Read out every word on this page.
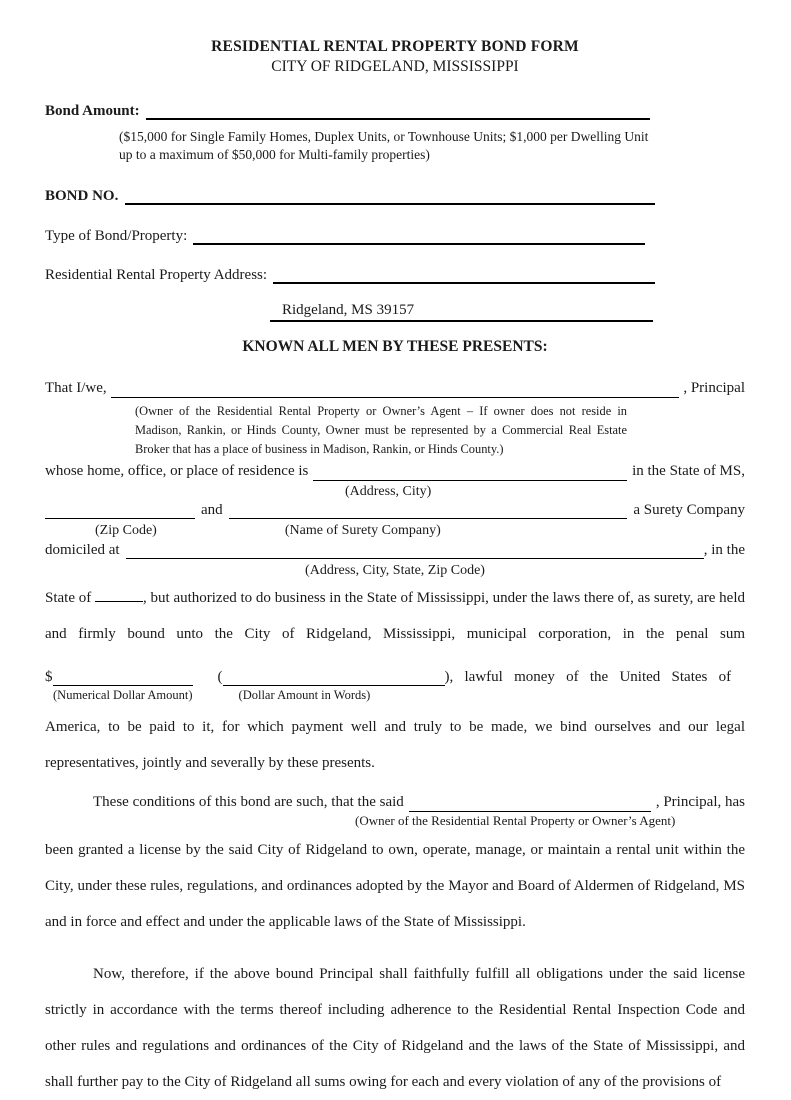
RESIDENTIAL RENTAL PROPERTY BOND FORM
CITY OF RIDGELAND, MISSISSIPPI
Bond Amount:
($15,000 for Single Family Homes, Duplex Units, or Townhouse Units; $1,000 per Dwelling Unit
up to a maximum of $50,000 for Multi-family properties)
BOND NO.
Type of Bond/Property:
Residential Rental Property Address:
Ridgeland, MS 39157
KNOWN ALL MEN BY THESE PRESENTS:
That I/we,	, Principal
(Owner of the Residential Rental Property or Owner’s Agent – If owner does not reside in Madison, Rankin, or Hinds County, Owner must be represented by a Commercial Real Estate Broker that has a place of business in Madison, Rankin, or Hinds County.)
whose home, office, or place of residence is	in the State of MS,
(Address, City)
and	a Surety Company
(Zip Code)	(Name of Surety Company)
domiciled at	, in the
(Address, City, State, Zip Code)
State of	, but authorized to do business in the State of Mississippi, under the laws there of, as surety, are held and firmly bound unto the City of Ridgeland, Mississippi, municipal corporation, in the penal sum
$	(	), lawful money of the United States of
(Numerical Dollar Amount)	(Dollar Amount in Words)
America, to be paid to it, for which payment well and truly to be made, we bind ourselves and our legal representatives, jointly and severally by these presents.
These conditions of this bond are such, that the said	, Principal, has
(Owner of the Residential Rental Property or Owner’s Agent)
been granted a license by the said City of Ridgeland to own, operate, manage, or maintain a rental unit within the City, under these rules, regulations, and ordinances adopted by the Mayor and Board of Aldermen of Ridgeland, MS and in force and effect and under the applicable laws of the State of Mississippi.
Now, therefore, if the above bound Principal shall faithfully fulfill all obligations under the said license strictly in accordance with the terms thereof including adherence to the Residential Rental Inspection Code and other rules and regulations and ordinances of the City of Ridgeland and the laws of the State of Mississippi, and shall further pay to the City of Ridgeland all sums owing for each and every violation of any of the provisions of
